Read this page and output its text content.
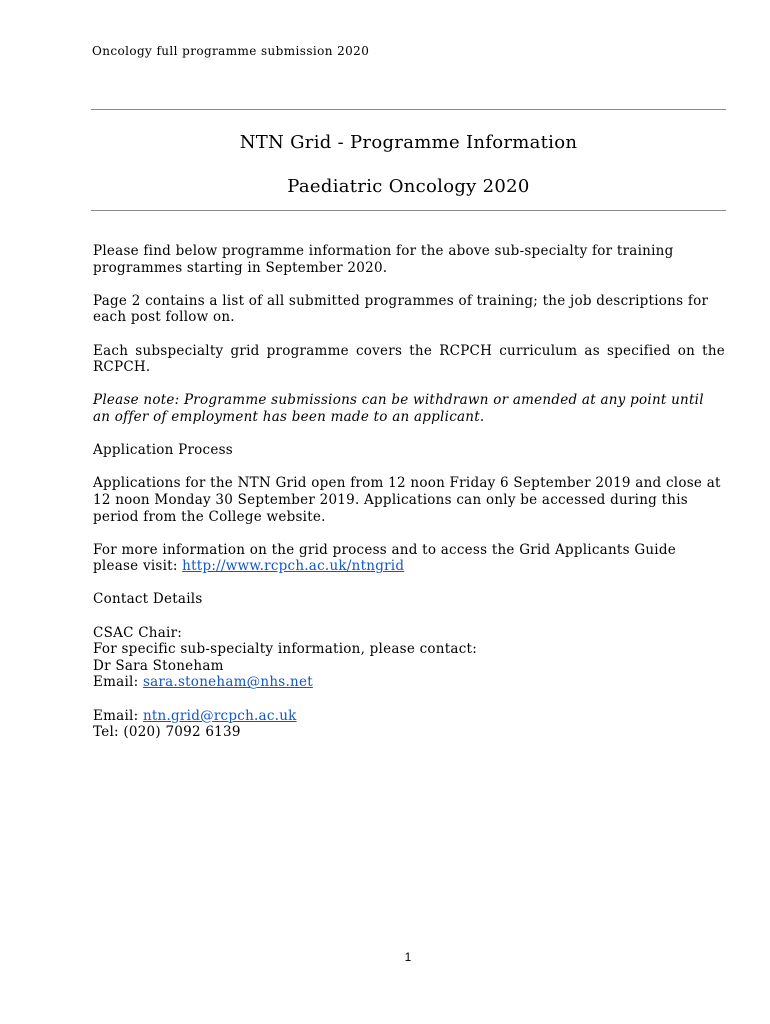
Oncology full programme submission 2020
NTN Grid - Programme Information
Paediatric Oncology 2020

Please find below programme information for the above sub-specialty for training programmes starting in September 2020.

Page 2 contains a list of all submitted programmes of training; the job descriptions for each post follow on.

Each subspecialty grid programme covers the RCPCH curriculum as specified on the RCPCH.

Please note: Programme submissions can be withdrawn or amended at any point until an offer of employment has been made to an applicant.

Application Process

Applications for the NTN Grid open from 12 noon Friday 6 September 2019 and close at 12 noon Monday 30 September 2019. Applications can only be accessed during this period from the College website.

For more information on the grid process and to access the Grid Applicants Guide please visit: http://www.rcpch.ac.uk/ntngrid

Contact Details

CSAC Chair:

For specific sub-specialty information, please contact:

Dr Sara Stoneham

Email: sara.stoneham@nhs.net

Email: ntn.grid@rcpch.ac.uk

Tel: (020) 7092 6139

1
